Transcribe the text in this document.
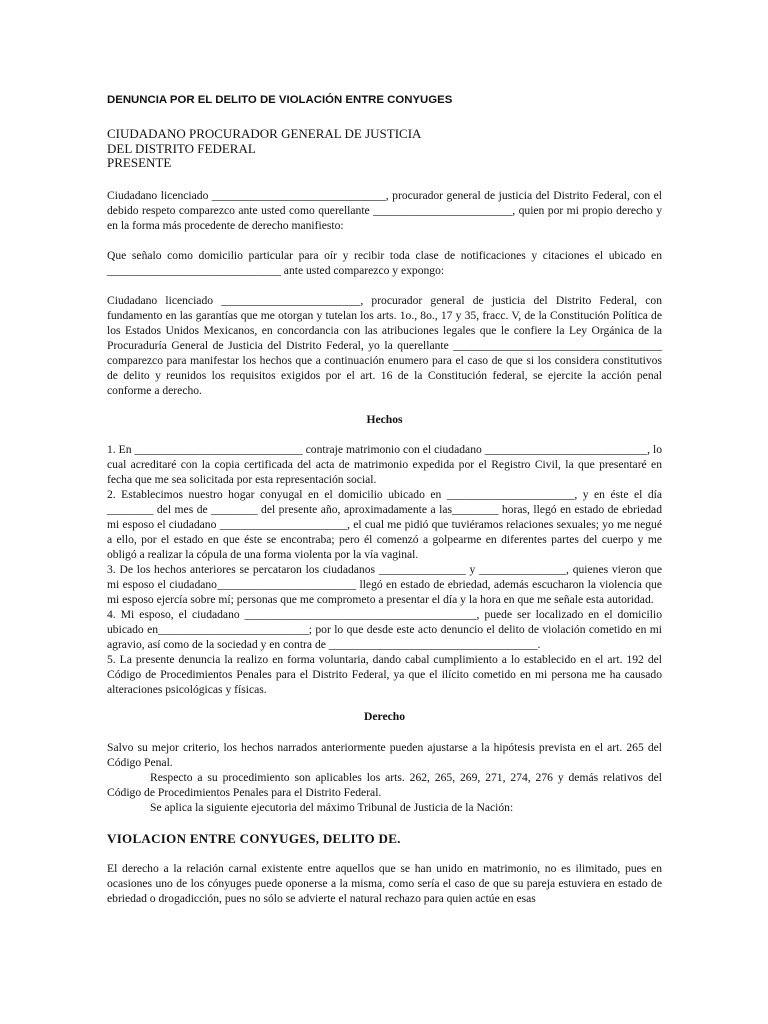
DENUNCIA POR EL DELITO DE VIOLACIÓN ENTRE CONYUGES
CIUDADANO PROCURADOR GENERAL DE JUSTICIA
DEL DISTRITO FEDERAL
PRESENTE

Ciudadano licenciado ______________________________, procurador general de justicia del Distrito Federal, con el debido respeto comparezco ante usted como querellante ________________________, quien por mi propio derecho y en la forma más procedente de derecho manifiesto:

Que señalo como domicilio particular para oír y recibir toda clase de notificaciones y citaciones el ubicado en ______________________________ ante usted comparezco y expongo:

Ciudadano licenciado ________________________, procurador general de justicia del Distrito Federal, con fundamento en las garantías que me otorgan y tutelan los arts. 1o., 8o., 17 y 35, fracc. V, de la Constitución Política de los Estados Unidos Mexicanos, en concordancia con las atribuciones legales que le confiere la Ley Orgánica de la Procuraduría General de Justicia del Distrito Federal, yo la querellante ____________________________________ comparezco para manifestar los hechos que a continuación enumero para el caso de que si los considera constitutivos de delito y reunidos los requisitos exigidos por el art. 16 de la Constitución federal, se ejercite la acción penal conforme a derecho.

Hechos

1. En _____________________________ contraje matrimonio con el ciudadano ____________________________, lo cual acreditaré con la copia certificada del acta de matrimonio expedida por el Registro Civil, la que presentaré en fecha que me sea solicitada por esta representación social.

2. Establecimos nuestro hogar conyugal en el domicilio ubicado en ______________________, y en éste el día ________ del mes de ________ del presente año, aproximadamente a las________ horas, llegó en estado de ebriedad mi esposo el ciudadano ______________________, el cual me pidió que tuviéramos relaciones sexuales; yo me negué a ello, por el estado en que éste se encontraba; pero él comenzó a golpearme en diferentes partes del cuerpo y me obligó a realizar la cópula de una forma violenta por la vía vaginal.

3. De los hechos anteriores se percataron los ciudadanos _______________ y _______________, quienes vieron que mi esposo el ciudadano________________________ llegó en estado de ebriedad, además escucharon la violencia que mi esposo ejercía sobre mí; personas que me comprometo a presentar el día y la hora en que me señale esta autoridad.

4. Mi esposo, el ciudadano ________________________________________, puede ser localizado en el domicilio ubicado en__________________________; por lo que desde este acto denuncio el delito de violación cometido en mi agravio, así como de la sociedad y en contra de ____________________________________.

5. La presente denuncia la realizo en forma voluntaria, dando cabal cumplimiento a lo establecido en el art. 192 del Código de Procedimientos Penales para el Distrito Federal, ya que el ilícito cometido en mi persona me ha causado alteraciones psicológicas y físicas.

Derecho

Salvo su mejor criterio, los hechos narrados anteriormente pueden ajustarse a la hipótesis prevista en el art. 265 del Código Penal.

Respecto a su procedimiento son aplicables los arts. 262, 265, 269, 271, 274, 276 y demás relativos del Código de Procedimientos Penales para el Distrito Federal.

Se aplica la siguiente ejecutoria del máximo Tribunal de Justicia de la Nación:

VIOLACION ENTRE CONYUGES, DELITO DE.

El derecho a la relación carnal existente entre aquellos que se han unido en matrimonio, no es ilimitado, pues en ocasiones uno de los cónyuges puede oponerse a la misma, como sería el caso de que su pareja estuviera en estado de ebriedad o drogadicción, pues no sólo se advierte el natural rechazo para quien actúe en esas
